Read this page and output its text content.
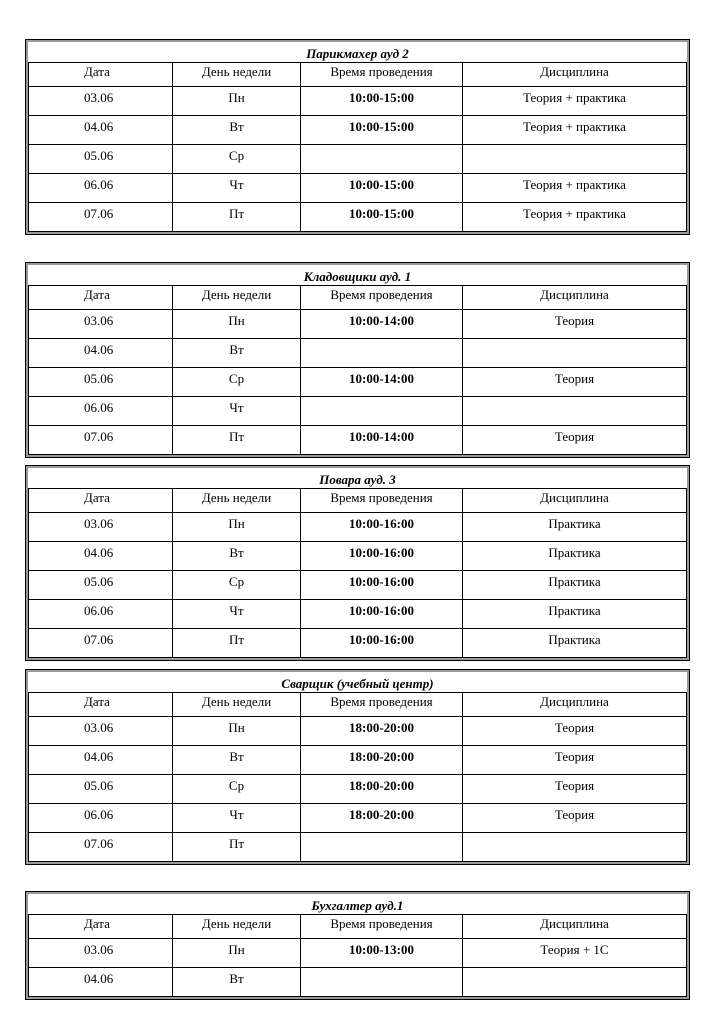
Парикмахер ауд 2			
Дата	День недели	Время проведения	Дисциплина
03.06	Пн	10:00-15:00	Теория + практика
04.06	Вт	10:00-15:00	Теория + практика
05.06	Ср		
06.06	Чт	10:00-15:00	Теория + практика
07.06	Пт	10:00-15:00	Теория + практика
Кладовщики ауд. 1			
Дата	День недели	Время проведения	Дисциплина
03.06	Пн	10:00-14:00	Теория
04.06	Вт		
05.06	Ср	10:00-14:00	Теория
06.06	Чт		
07.06	Пт	10:00-14:00	Теория
Повара ауд. 3			
Дата	День недели	Время проведения	Дисциплина
03.06	Пн	10:00-16:00	Практика
04.06	Вт	10:00-16:00	Практика
05.06	Ср	10:00-16:00	Практика
06.06	Чт	10:00-16:00	Практика
07.06	Пт	10:00-16:00	Практика
Сварщик (учебный центр)			
Дата	День недели	Время проведения	Дисциплина
03.06	Пн	18:00-20:00	Теория
04.06	Вт	18:00-20:00	Теория
05.06	Ср	18:00-20:00	Теория
06.06	Чт	18:00-20:00	Теория
07.06	Пт		
Бухгалтер ауд.1			
Дата	День недели	Время проведения	Дисциплина
03.06	Пн	10:00-13:00	Теория + 1С
04.06	Вт		
